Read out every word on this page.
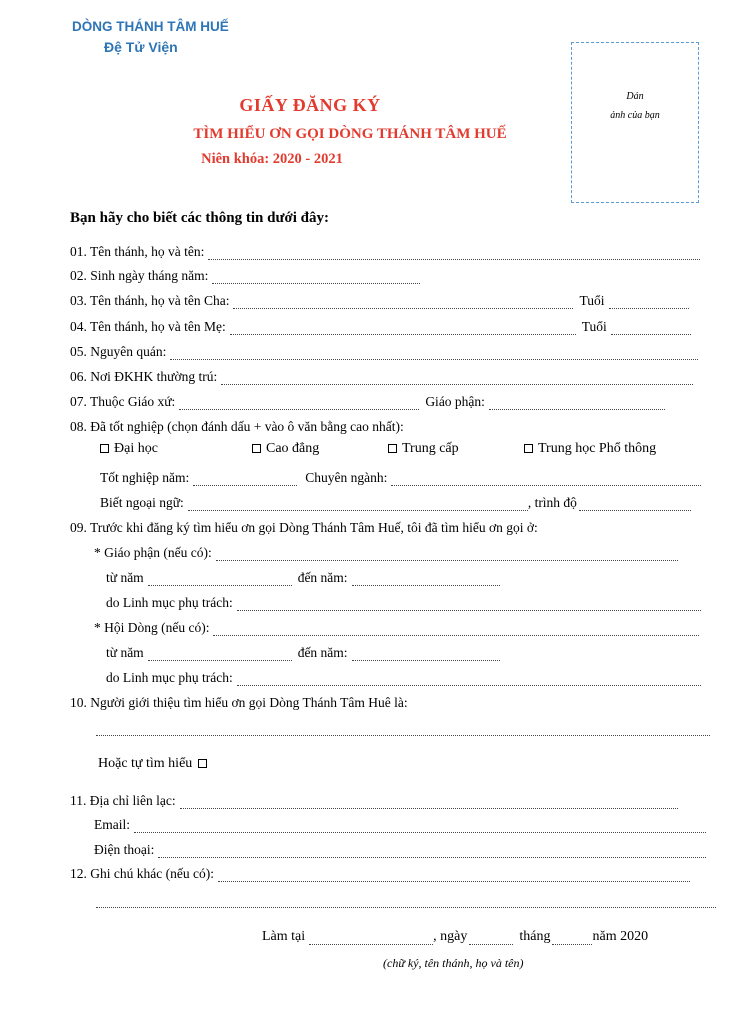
DÒNG THÁNH TÂM HUẾ
Đệ Tử Viện
Dán
ảnh của bạn
GIẤY ĐĂNG KÝ
TÌM HIỂU ƠN GỌI DÒNG THÁNH TÂM HUẾ
Niên khóa: 2020 - 2021
Bạn hãy cho biết các thông tin dưới đây:
01. Tên thánh, họ và tên:
02. Sinh ngày tháng năm:
03. Tên thánh, họ và tên Cha:	Tuổi
04. Tên thánh, họ và tên Mẹ:	Tuổi
05. Nguyên quán:
06. Nơi ĐKHK thường trú:
07. Thuộc Giáo xứ:	Giáo phận:
08. Đã tốt nghiệp (chọn đánh dấu + vào ô văn bằng cao nhất):
Đại học	Cao đẳng	Trung cấp	Trung học Phổ thông
Tốt nghiệp năm:	Chuyên ngành:
Biết ngoại ngữ:	, trình độ
09. Trước khi đăng ký tìm hiểu ơn gọi Dòng Thánh Tâm Huế, tôi đã tìm hiểu ơn gọi ở:
* Giáo phận (nếu có):
từ năm	đến năm:
do Linh mục phụ trách:
* Hội Dòng (nếu có):
từ năm	đến năm:
do Linh mục phụ trách:
10. Người giới thiệu tìm hiểu ơn gọi Dòng Thánh Tâm Huê là:
Hoặc tự tìm hiểu
11. Địa chỉ liên lạc:
Email:
Điện thoại:
12. Ghi chú khác (nếu có):
Làm tại	, ngày	tháng	năm 2020
(chữ ký, tên thánh, họ và tên)
